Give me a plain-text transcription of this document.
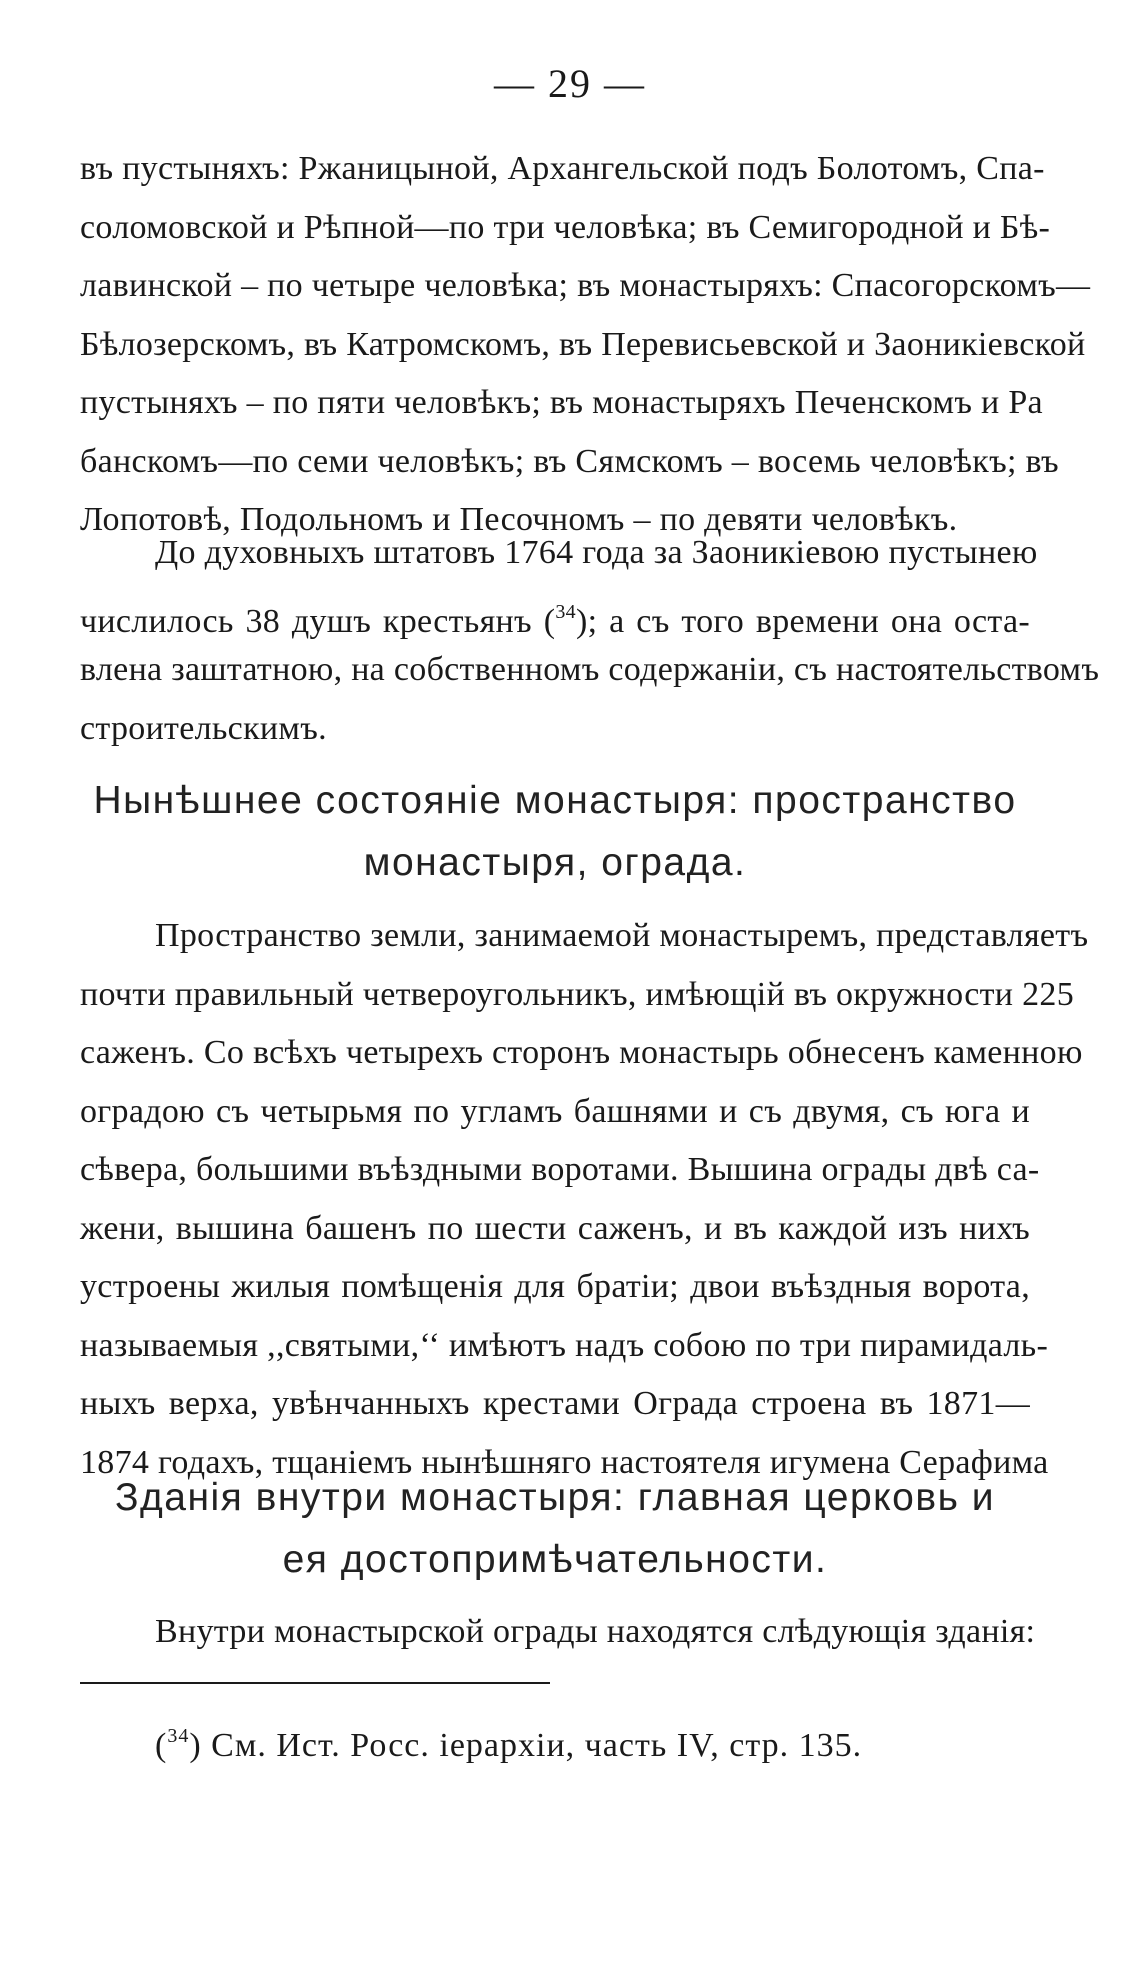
— 29 —
въ пустыняхъ: Ржаницыной, Архангельской подъ Болотомъ, Спа-
соломовской и Рѣпной—по три человѣка; въ Семигородной и Бѣ-
лавинской – по четыре человѣка; въ монастыряхъ: Спасогорскомъ—
Бѣлозерскомъ, въ Катромскомъ, въ Перевисьевской и Заоникіевской
пустыняхъ – по пяти человѣкъ; въ монастыряхъ Печенскомъ и Ра
банскомъ—по семи человѣкъ; въ Сямскомъ – восемь человѣкъ; въ
Лопотовѣ, Подольномъ и Песочномъ – по девяти человѣкъ.
До духовныхъ штатовъ 1764 года за Заоникіевою пустынею
числилось 38 душъ крестьянъ ($^{34}$); а съ того времени она оста-
влена заштатною, на собственномъ содержаніи, съ настоятельствомъ
строительскимъ.
Нынѣшнее состояніе монастыря: пространство
монастыря, ограда.
Пространство земли, занимаемой монастыремъ, представляетъ
почти правильный четвероугольникъ, имѣющій въ окружности 225
саженъ. Со всѣхъ четырехъ сторонъ монастырь обнесенъ каменною
оградою съ четырьмя по угламъ башнями и съ двумя, съ юга и
сѣвера, большими въѣздными воротами. Вышина ограды двѣ са-
жени, вышина башенъ по шести саженъ, и въ каждой изъ нихъ
устроены жилыя помѣщенія для братіи; двои въѣздныя ворота,
называемыя ,,святыми,‘‘ имѣютъ надъ собою по три пирамидаль-
ныхъ верха, увѣнчанныхъ крестами Ограда строена въ 1871—
1874 годахъ, тщаніемъ нынѣшняго настоятеля игумена Серафима
Зданія внутри монастыря: главная церковь и
ея достопримѣчательности.
Внутри монастырской ограды находятся слѣдующія зданія:
($^{34}$) См. Ист. Росс. іерархіи, часть IV, стр. 135.
